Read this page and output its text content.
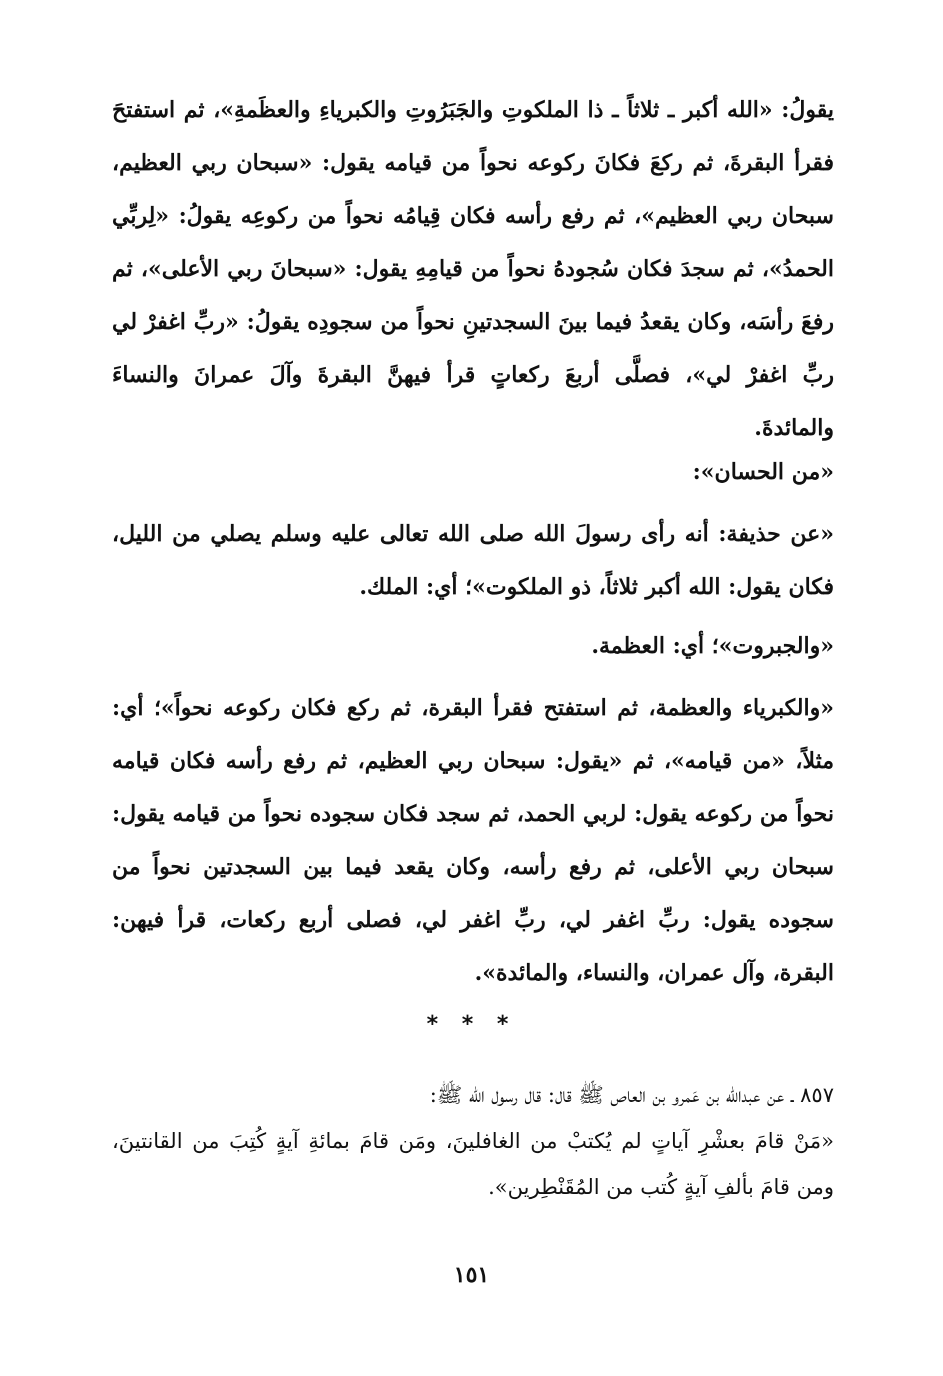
يقولُ: «الله أكبر ـ ثلاثاً ـ ذا الملكوتِ والجَبَرُوتِ والكبرياءِ والعظَمةِ»، ثم استفتحَ فقرأ البقرةَ، ثم ركعَ فكانَ ركوعه نحواً من قيامه يقول: «سبحان ربي العظيم، سبحان ربي العظيم»، ثم رفع رأسه فكان قِيامُه نحواً من ركوعِه يقولُ: «لِربِّي الحمدُ»، ثم سجدَ فكان سُجودهُ نحواً من قيامِهِ يقول: «سبحانَ ربي الأعلى»، ثم رفعَ رأسَه، وكان يقعدُ فيما بينَ السجدتينِ نحواً من سجودِه يقولُ: «ربِّ اغفرْ لي ربِّ اغفرْ لي»، فصلَّى أربعَ ركعاتٍ قرأ فيهنَّ البقرةَ وآلَ عمرانَ والنساءَ والمائدةَ.
«من الحسان»:
«عن حذيفة: أنه رأى رسولَ الله صلى الله تعالى عليه وسلم يصلي من الليل، فكان يقول: الله أكبر ثلاثاً، ذو الملكوت»؛ أي: الملك.
«والجبروت»؛ أي: العظمة.
«والكبرياء والعظمة، ثم استفتح فقرأ البقرة، ثم ركع فكان ركوعه نحواً»؛ أي: مثلاً، «من قيامه»، ثم «يقول: سبحان ربي العظيم، ثم رفع رأسه فكان قيامه نحواً من ركوعه يقول: لربي الحمد، ثم سجد فكان سجوده نحواً من قيامه يقول: سبحان ربي الأعلى، ثم رفع رأسه، وكان يقعد فيما بين السجدتين نحواً من سجوده يقول: ربِّ اغفر لي، ربِّ اغفر لي، فصلى أربع ركعات، قرأ فيهن: البقرة، وآل عمران، والنساء، والمائدة».
* * *
٨٥٧ ـ عن عبدالله بن عَمرو بن العاص ﷺ قال: قال رسول الله ﷺ:
«مَنْ قامَ بعشْرِ آياتٍ لم يُكتبْ من الغافلينَ، ومَن قامَ بمائةِ آيةٍ كُتِبَ من القانتينَ، ومن قامَ بألفِ آيةٍ كُتب من المُقَنْطِرين».
١٥١
